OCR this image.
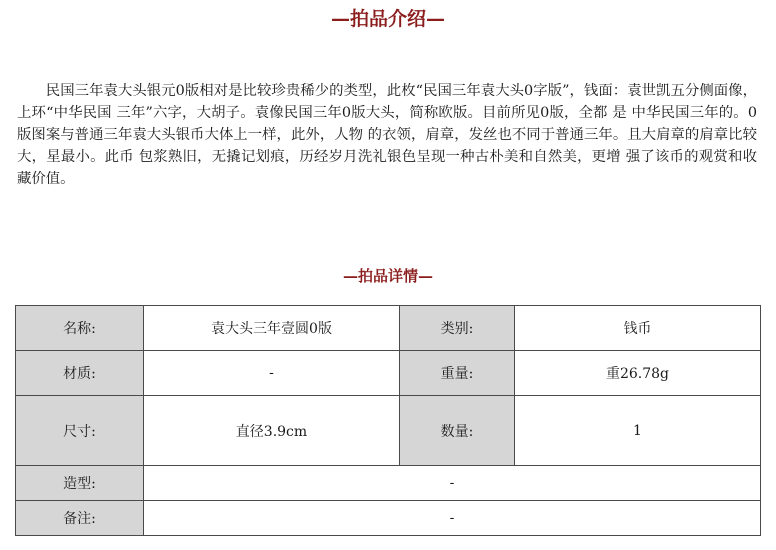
—拍品介绍—

民国三年袁大头银元0版相对是比较珍贵稀少的类型，此枚“民国三年袁大头0字版”，钱面：袁世凯五分侧面像，上环“中华民国 三年”六字，大胡子。袁像民国三年0版大头，简称欧版。目前所见0版，全都 是 中华民国三年的。0版图案与普通三年袁大头银币大体上一样，此外，人物 的衣领，肩章，发丝也不同于普通三年。且大肩章的肩章比较大，星最小。此币 包浆熟旧，无撬记划痕，历经岁月洗礼银色呈现一种古朴美和自然美，更增 强了该币的观赏和收藏价值。

—拍品详情—
名称:	袁大头三年壹圆0版	类别:	钱币
材质:	-	重量:	重26.78g
尺寸:	直径3.9cm	数量:	1
造型:	-		
备注:	-		
